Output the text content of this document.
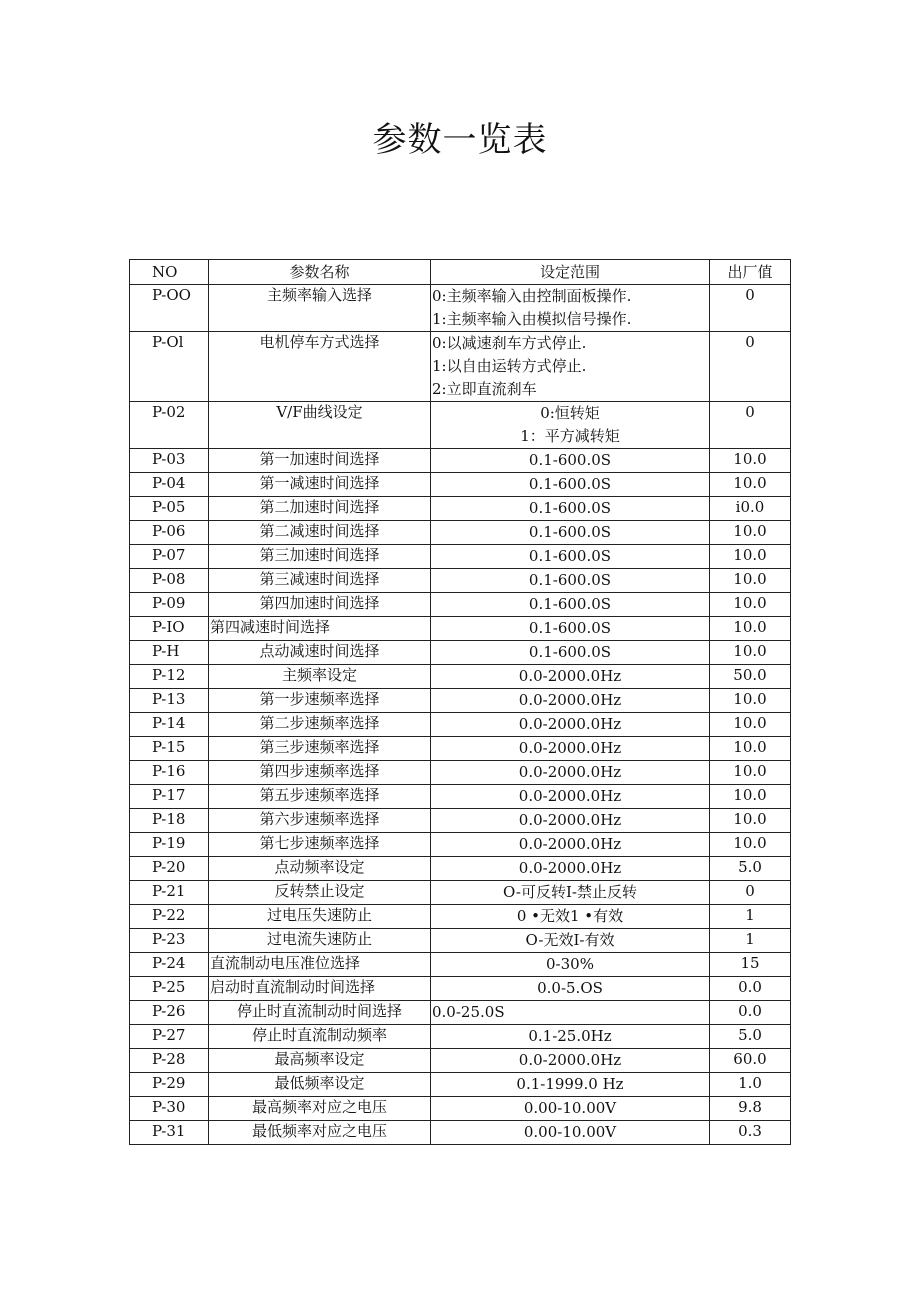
参数一览表
NO	参数名称	设定范围	出厂值
P-OO	主频率输入选择	0:主频率输入由控制面板操作.
1:主频率输入由模拟信号操作.	0
P-Ol	电机停车方式选择	0:以减速刹车方式停止.
1:以自由运转方式停止.
2:立即直流刹车	0
P-02	V/F曲线设定	0:恒转矩
1：平方减转矩	0
P-03	第一加速时间选择	0.1-600.0S	10.0
P-04	第一减速时间选择	0.1-600.0S	10.0
P-05	第二加速时间选择	0.1-600.0S	i0.0
P-06	第二减速时间选择	0.1-600.0S	10.0
P-07	第三加速时间选择	0.1-600.0S	10.0
P-08	第三减速时间选择	0.1-600.0S	10.0
P-09	第四加速时间选择	0.1-600.0S	10.0
P-IO	第四减速时间选择	0.1-600.0S	10.0
P-H	点动减速时间选择	0.1-600.0S	10.0
P-12	主频率设定	0.0-2000.0Hz	50.0
P-13	第一步速频率选择	0.0-2000.0Hz	10.0
P-14	第二步速频率选择	0.0-2000.0Hz	10.0
P-15	第三步速频率选择	0.0-2000.0Hz	10.0
P-16	第四步速频率选择	0.0-2000.0Hz	10.0
P-17	第五步速频率选择	0.0-2000.0Hz	10.0
P-18	第六步速频率选择	0.0-2000.0Hz	10.0
P-19	第七步速频率选择	0.0-2000.0Hz	10.0
P-20	点动频率设定	0.0-2000.0Hz	5.0
P-21	反转禁止设定	O-可反转I-禁止反转	0
P-22	过电压失速防止	0 •无效1 •有效	1
P-23	过电流失速防止	O-无效I-有效	1
P-24	直流制动电压准位选择	0-30%	15
P-25	启动时直流制动时间选择	0.0-5.OS	0.0
P-26	停止时直流制动时间选择	0.0-25.0S	0.0
P-27	停止时直流制动频率	0.1-25.0Hz	5.0
P-28	最高频率设定	0.0-2000.0Hz	60.0
P-29	最低频率设定	0.1-1999.0 Hz	1.0
P-30	最高频率对应之电压	0.00-10.00V	9.8
P-31	最低频率对应之电压	0.00-10.00V	0.3
